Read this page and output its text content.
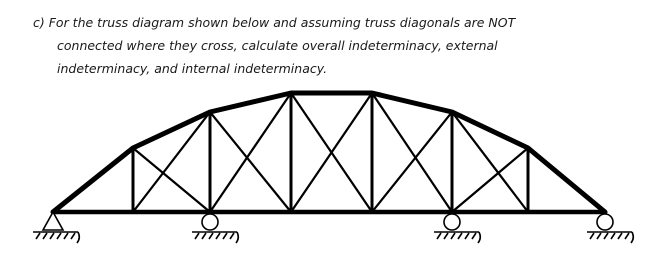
c) For the truss diagram shown below and assuming truss diagonals are NOT
connected where they cross, calculate overall indeterminacy, external
indeterminacy, and internal indeterminacy.
